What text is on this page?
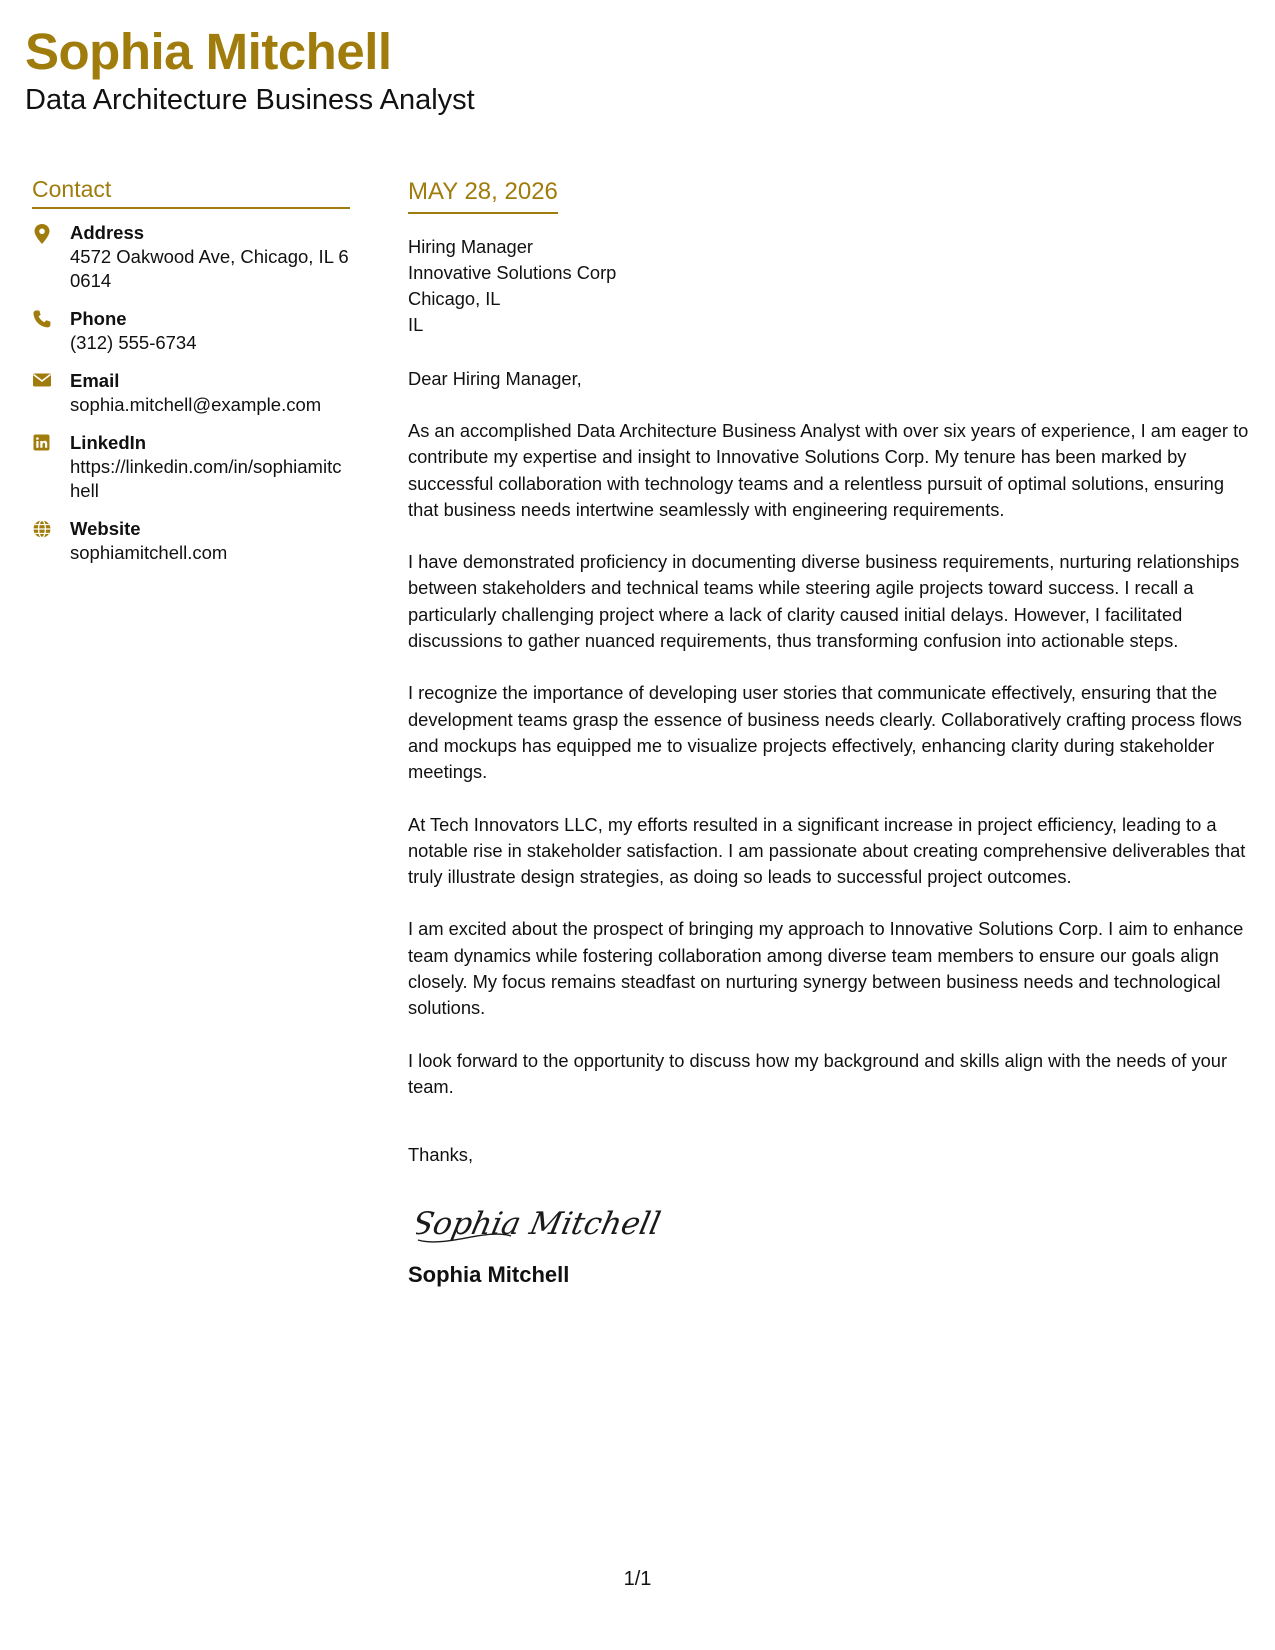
Sophia Mitchell
Data Architecture Business Analyst
Contact
Address
4572 Oakwood Ave, Chicago, IL 60614
Phone
(312) 555-6734
Email
sophia.mitchell@example.com
LinkedIn
https://linkedin.com/in/sophiamitchell
Website
sophiamitchell.com
MAY 28, 2026
Hiring Manager
Innovative Solutions Corp
Chicago, IL
IL
Dear Hiring Manager,
As an accomplished Data Architecture Business Analyst with over six years of experience, I am eager to contribute my expertise and insight to Innovative Solutions Corp. My tenure has been marked by successful collaboration with technology teams and a relentless pursuit of optimal solutions, ensuring that business needs intertwine seamlessly with engineering requirements.
I have demonstrated proficiency in documenting diverse business requirements, nurturing relationships between stakeholders and technical teams while steering agile projects toward success. I recall a particularly challenging project where a lack of clarity caused initial delays. However, I facilitated discussions to gather nuanced requirements, thus transforming confusion into actionable steps.
I recognize the importance of developing user stories that communicate effectively, ensuring that the development teams grasp the essence of business needs clearly. Collaboratively crafting process flows and mockups has equipped me to visualize projects effectively, enhancing clarity during stakeholder meetings.
At Tech Innovators LLC, my efforts resulted in a significant increase in project efficiency, leading to a notable rise in stakeholder satisfaction. I am passionate about creating comprehensive deliverables that truly illustrate design strategies, as doing so leads to successful project outcomes.
I am excited about the prospect of bringing my approach to Innovative Solutions Corp. I aim to enhance team dynamics while fostering collaboration among diverse team members to ensure our goals align closely. My focus remains steadfast on nurturing synergy between business needs and technological solutions.
I look forward to the opportunity to discuss how my background and skills align with the needs of your team.
Thanks,
Sophia Mitchell
Sophia Mitchell
1/1
